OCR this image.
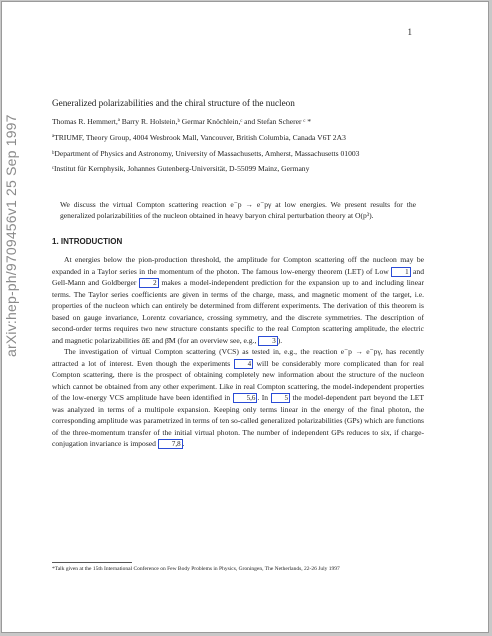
1
arXiv:hep-ph/9709456v1 25 Sep 1997
Generalized polarizabilities and the chiral structure of the nucleon
Thomas R. Hemmert,ª Barry R. Holstein,ᵇ Germar Knöchlein,ᶜ and Stefan Scherer ᶜ *
ªTRIUMF, Theory Group, 4004 Wesbrook Mall, Vancouver, British Columbia, Canada V6T 2A3
ᵇDepartment of Physics and Astronomy, University of Massachusetts, Amherst, Massachusetts 01003
ᶜInstitut für Kernphysik, Johannes Gutenberg-Universität, D-55099 Mainz, Germany
We discuss the virtual Compton scattering reaction e⁻p → e⁻pγ at low energies. We present results for the generalized polarizabilities of the nucleon obtained in heavy baryon chiral perturbation theory at O(p³).
1. INTRODUCTION

At energies below the pion-production threshold, the amplitude for Compton scattering off the nucleon may be expanded in a Taylor series in the momentum of the photon. The famous low-energy theorem (LET) of Low 1 and Gell-Mann and Goldberger 2 makes a model-independent prediction for the expansion up to and including linear terms. The Taylor series coefficients are given in terms of the charge, mass, and magnetic moment of the target, i.e. properties of the nucleon which can entirely be determined from different experiments. The derivation of this theorem is based on gauge invariance, Lorentz covariance, crossing symmetry, and the discrete symmetries. The description of second-order terms requires two new structure constants specific to the real Compton scattering amplitude, the electric and magnetic polarizabilities ᾱE and β̄M (for an overview see, e.g., 3 ).

The investigation of virtual Compton scattering (VCS) as tested in, e.g., the reaction e⁻p → e⁻pγ, has recently attracted a lot of interest. Even though the experiments 4 will be considerably more complicated than for real Compton scattering, there is the prospect of obtaining completely new information about the structure of the nucleon which cannot be obtained from any other experiment. Like in real Compton scattering, the model-independent properties of the low-energy VCS amplitude have been identified in 5,6 . In 5 the model-dependent part beyond the LET was analyzed in terms of a multipole expansion. Keeping only terms linear in the energy of the final photon, the corresponding amplitude was parametrized in terms of ten so-called generalized polarizabilities (GPs) which are functions of the three-momentum transfer of the initial virtual photon. The number of independent GPs reduces to six, if charge-conjugation invariance is imposed 7,8 .

*Talk given at the 15th International Conference on Few Body Problems in Physics, Groningen, The Netherlands, 22-26 July 1997
